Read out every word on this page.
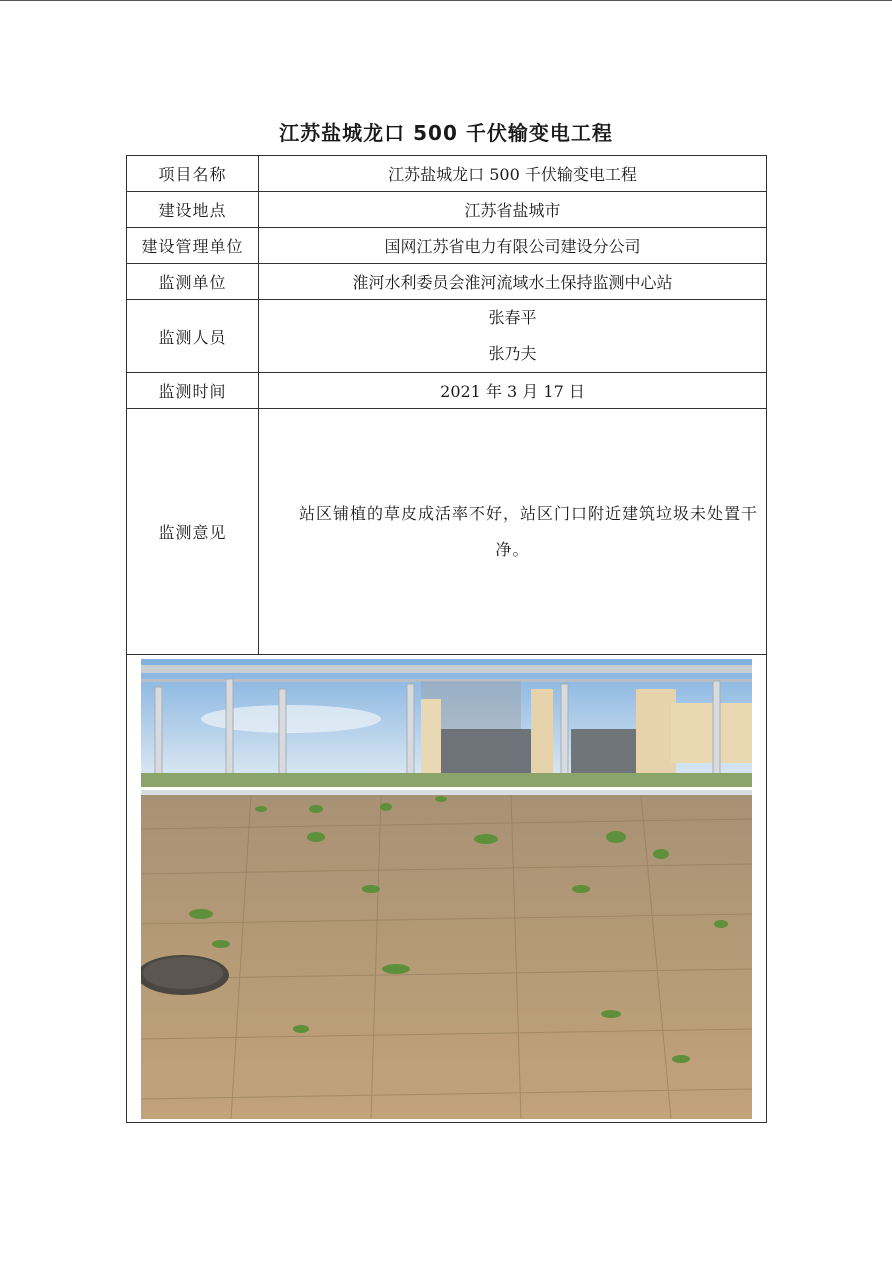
江苏盐城龙口 500 千伏输变电工程
项目名称	江苏盐城龙口 500 千伏输变电工程
建设地点	江苏省盐城市
建设管理单位	国网江苏省电力有限公司建设分公司
监测单位	淮河水利委员会淮河流域水土保持监测中心站
监测人员	张春平
张乃夫

监测时间	2021 年 3 月 17 日
监测意见	站区铺植的草皮成活率不好，站区门口附近建筑垃圾未处置干净。
